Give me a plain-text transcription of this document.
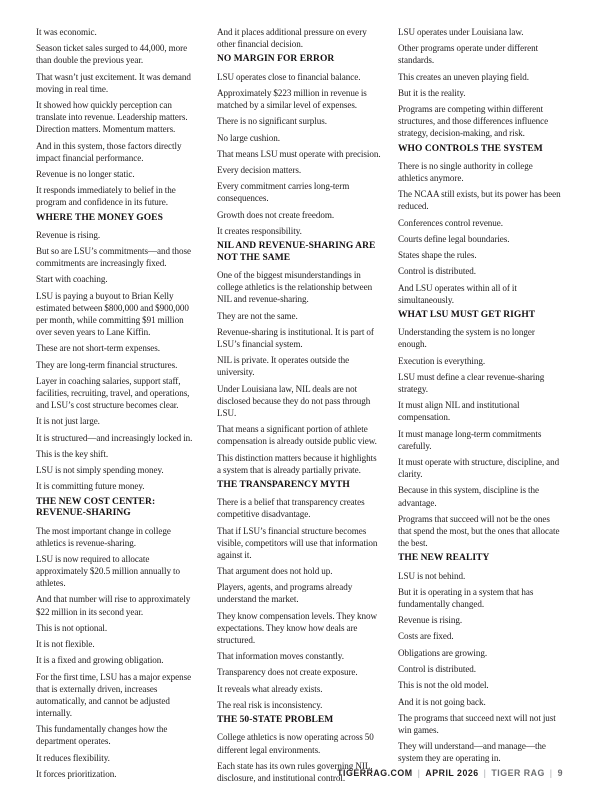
It was economic.

Season ticket sales surged to 44,000, more than double the previous year.

That wasn’t just excitement. It was demand moving in real time.

It showed how quickly perception can translate into revenue. Leadership matters. Direction matters. Momentum matters.

And in this system, those factors directly impact financial performance.

Revenue is no longer static.

It responds immediately to belief in the program and confidence in its future.

WHERE THE MONEY GOES

Revenue is rising.

But so are LSU’s commitments—and those commitments are increasingly fixed.

Start with coaching.

LSU is paying a buyout to Brian Kelly estimated between $800,000 and $900,000 per month, while committing $91 million over seven years to Lane Kiffin.

These are not short-term expenses.

They are long-term financial structures.

Layer in coaching salaries, support staff, facilities, recruiting, travel, and operations, and LSU’s cost structure becomes clear.

It is not just large.

It is structured—and increasingly locked in.

This is the key shift.

LSU is not simply spending money.

It is committing future money.

THE NEW COST CENTER: REVENUE-SHARING

The most important change in college athletics is revenue-sharing.

LSU is now required to allocate approximately $20.5 million annually to athletes.

And that number will rise to approximately $22 million in its second year.

This is not optional.

It is not flexible.

It is a fixed and growing obligation.

For the first time, LSU has a major expense that is externally driven, increases automatically, and cannot be adjusted internally.

This fundamentally changes how the department operates.

It reduces flexibility.

It forces prioritization.

And it places additional pressure on every other financial decision.

NO MARGIN FOR ERROR

LSU operates close to financial balance.

Approximately $223 million in revenue is matched by a similar level of expenses.

There is no significant surplus.

No large cushion.

That means LSU must operate with precision.

Every decision matters.

Every commitment carries long-term consequences.

Growth does not create freedom.

It creates responsibility.

NIL AND REVENUE-SHARING ARE NOT THE SAME

One of the biggest misunderstandings in college athletics is the relationship between NIL and revenue-sharing.

They are not the same.

Revenue-sharing is institutional. It is part of LSU’s financial system.

NIL is private. It operates outside the university.

Under Louisiana law, NIL deals are not disclosed because they do not pass through LSU.

That means a significant portion of athlete compensation is already outside public view.

This distinction matters because it highlights a system that is already partially private.

THE TRANSPARENCY MYTH

There is a belief that transparency creates competitive disadvantage.

That if LSU’s financial structure becomes visible, competitors will use that information against it.

That argument does not hold up.

Players, agents, and programs already understand the market.

They know compensation levels. They know expectations. They know how deals are structured.

That information moves constantly.

Transparency does not create exposure.

It reveals what already exists.

The real risk is inconsistency.

THE 50-STATE PROBLEM

College athletics is now operating across 50 different legal environments.

Each state has its own rules governing NIL, disclosure, and institutional control.

LSU operates under Louisiana law.

Other programs operate under different standards.

This creates an uneven playing field.

But it is the reality.

Programs are competing within different structures, and those differences influence strategy, decision-making, and risk.

WHO CONTROLS THE SYSTEM

There is no single authority in college athletics anymore.

The NCAA still exists, but its power has been reduced.

Conferences control revenue.

Courts define legal boundaries.

States shape the rules.

Control is distributed.

And LSU operates within all of it simultaneously.

WHAT LSU MUST GET RIGHT

Understanding the system is no longer enough.

Execution is everything.

LSU must define a clear revenue-sharing strategy.

It must align NIL and institutional compensation.

It must manage long-term commitments carefully.

It must operate with structure, discipline, and clarity.

Because in this system, discipline is the advantage.

Programs that succeed will not be the ones that spend the most, but the ones that allocate the best.

THE NEW REALITY

LSU is not behind.

But it is operating in a system that has fundamentally changed.

Revenue is rising.

Costs are fixed.

Obligations are growing.

Control is distributed.

This is not the old model.

And it is not going back.

The programs that succeed next will not just win games.

They will understand—and manage—the system they are operating in.

TIGERRAG.COM | APRIL 2026 | TIGER RAG | 9
